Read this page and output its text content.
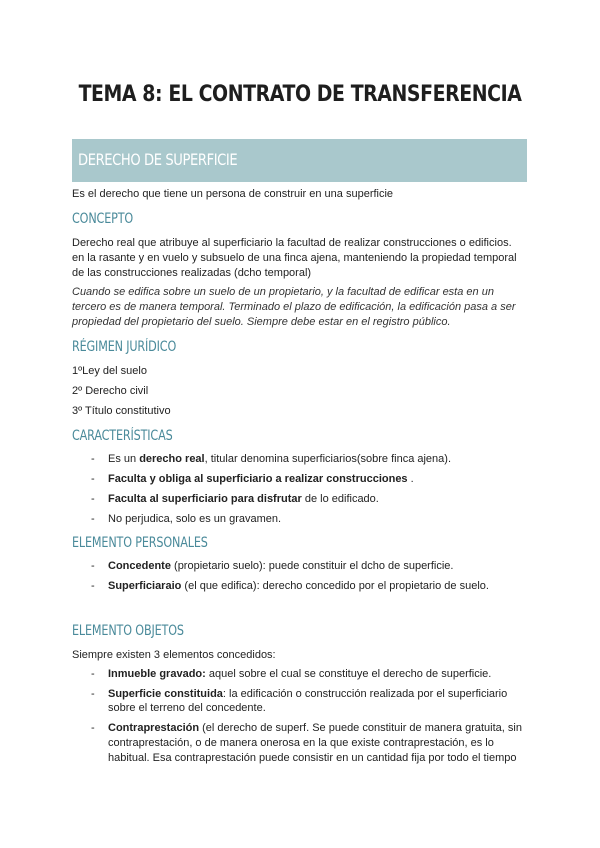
TEMA 8: EL CONTRATO DE TRANSFERENCIA
DERECHO DE SUPERFICIE
Es el derecho que tiene un persona de construir en una superficie
CONCEPTO
Derecho real que atribuye al superficiario la facultad de realizar construcciones o edificios.
en la rasante y en vuelo y subsuelo de una finca ajena, manteniendo la propiedad temporal
de las construcciones realizadas (dcho temporal)
Cuando se edifica sobre un suelo de un propietario, y la facultad de edificar esta en un
tercero es de manera temporal. Terminado el plazo de edificación, la edificación pasa a ser
propiedad del propietario del suelo. Siempre debe estar en el registro público.
RÉGIMEN JURÍDICO
1ºLey del suelo
2º Derecho civil
3º Título constitutivo
CARACTERÍSTICAS
- Es un derecho real, titular denomina superficiarios(sobre finca ajena).
- Faculta y obliga al superficiario a realizar construcciones .
- Faculta al superficiario para disfrutar de lo edificado.
- No perjudica, solo es un gravamen.
ELEMENTO PERSONALES
- Concedente (propietario suelo): puede constituir el dcho de superficie.
- Superficiaraio (el que edifica): derecho concedido por el propietario de suelo.
ELEMENTO OBJETOS
Siempre existen 3 elementos concedidos:
- Inmueble gravado: aquel sobre el cual se constituye el derecho de superficie.
- Superficie constituida: la edificación o construcción realizada por el superficiario
sobre el terreno del concedente.
- Contraprestación (el derecho de superf. Se puede constituir de manera gratuita, sin
contraprestación, o de manera onerosa en la que existe contraprestación, es lo
habitual. Esa contraprestación puede consistir en un cantidad fija por todo el tiempo
